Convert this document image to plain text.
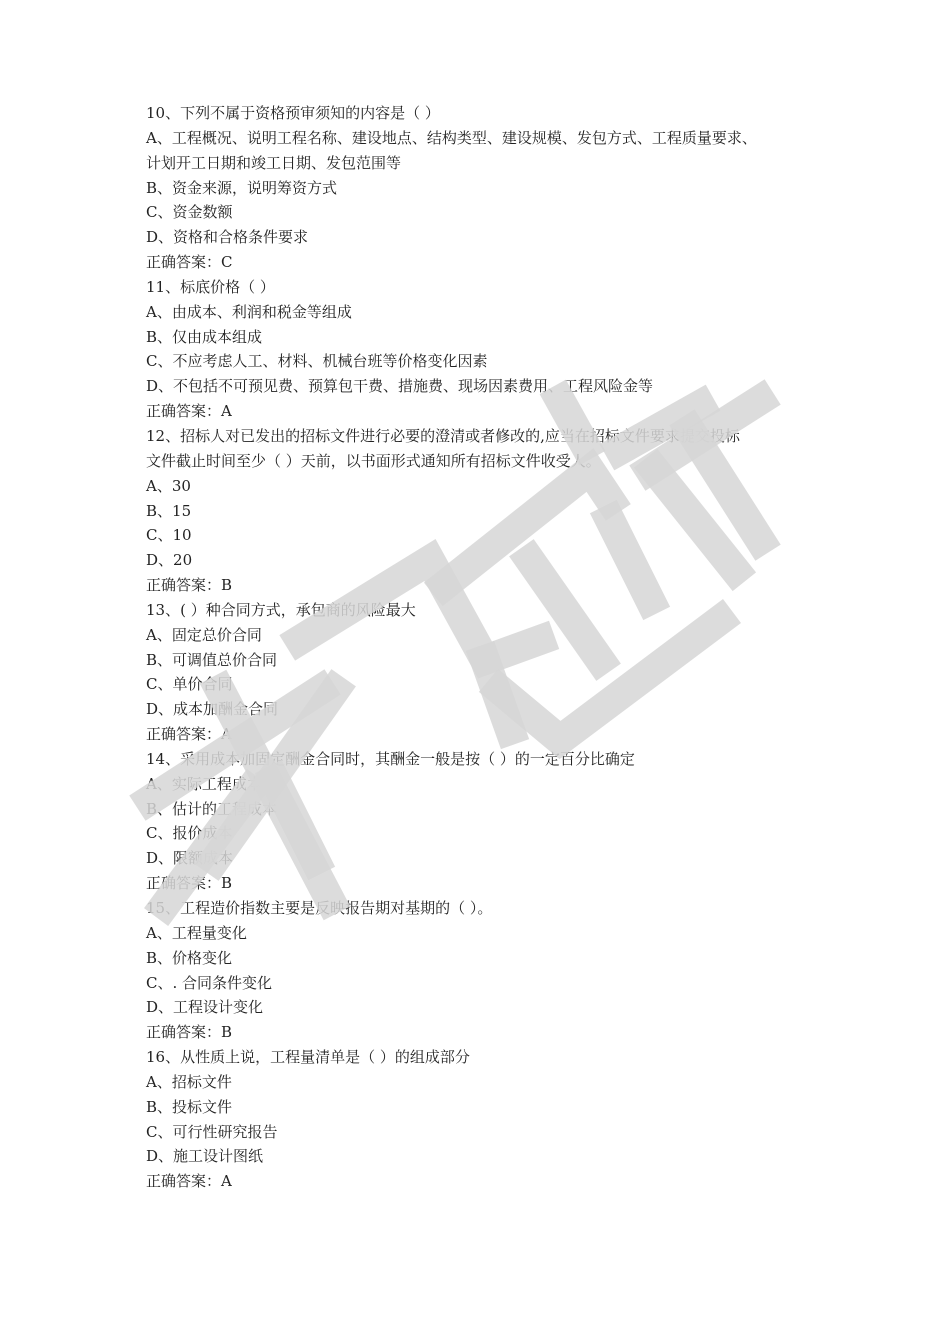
10、下列不属于资格预审须知的内容是（ ）
A、工程概况、说明工程名称、建设地点、结构类型、建设规模、发包方式、工程质量要求、
计划开工日期和竣工日期、发包范围等
B、资金来源，说明筹资方式
C、资金数额
D、资格和合格条件要求
正确答案：C
11、标底价格（ ）
A、由成本、利润和税金等组成
B、仅由成本组成
C、不应考虑人工、材料、机械台班等价格变化因素
D、不包括不可预见费、预算包干费、措施费、现场因素费用、工程风险金等
正确答案：A
12、招标人对已发出的招标文件进行必要的澄清或者修改的,应当在招标文件要求提交投标
文件截止时间至少（ ）天前，以书面形式通知所有招标文件收受人。
A、30
B、15
C、10
D、20
正确答案：B
13、( ）种合同方式，承包商的风险最大
A、固定总价合同
B、可调值总价合同
C、单价合同
D、成本加酬金合同
正确答案：A
14、采用成本加固定酬金合同时，其酬金一般是按（ ）的一定百分比确定
A、实际工程成本
B、估计的工程成本
C、报价成本
D、限额成本
正确答案：B
15、工程造价指数主要是反映报告期对基期的（ ）。
A、工程量变化
B、价格变化
C、. 合同条件变化
D、工程设计变化
正确答案：B
16、从性质上说，工程量清单是（ ）的组成部分
A、招标文件
B、投标文件
C、可行性研究报告
D、施工设计图纸
正确答案：A
